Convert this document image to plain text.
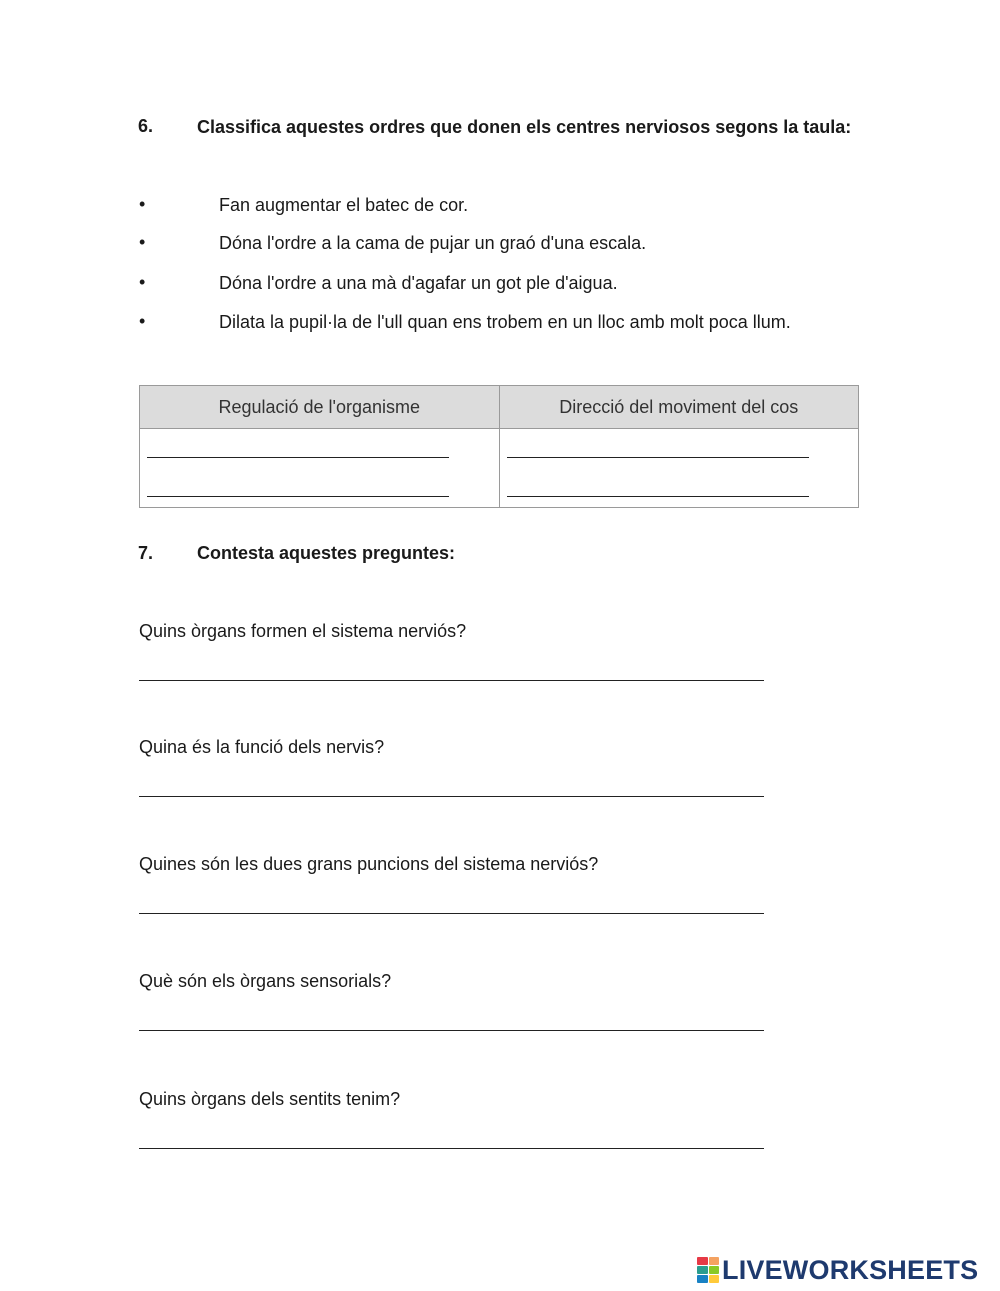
6. Classifica aquestes ordres que donen els centres nerviosos segons la taula:
•	Fan augmentar el batec de cor.
•	Dóna l'ordre a la cama de pujar un graó d'una escala.
•	Dóna l'ordre a una mà d'agafar un got ple d'aigua.
•	Dilata la pupil·la de l'ull quan ens trobem en un lloc amb molt poca llum.
Regulació de l'organisme	Direcció del moviment del cos

7. Contesta aquestes preguntes:
Quins òrgans formen el sistema nerviós?
Quina és la funció dels nervis?
Quines són les dues grans puncions del sistema nerviós?
Què són els òrgans sensorials?
Quins òrgans dels sentits tenim?
LIVEWORKSHEETS
